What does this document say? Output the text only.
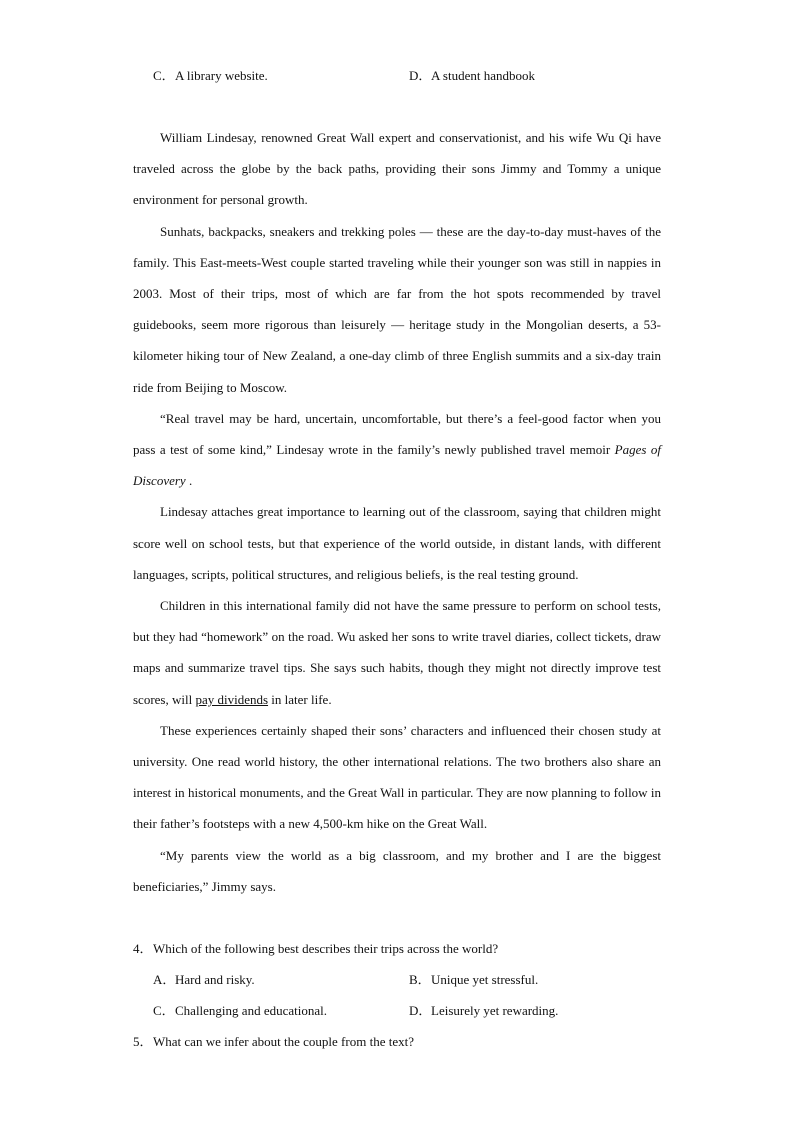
C．A library website.	D．A student handbook

William Lindesay, renowned Great Wall expert and conservationist, and his wife Wu Qi have traveled across the globe by the back paths, providing their sons Jimmy and Tommy a unique environment for personal growth.

Sunhats, backpacks, sneakers and trekking poles — these are the day-to-day must-haves of the family. This East-meets-West couple started traveling while their younger son was still in nappies in 2003. Most of their trips, most of which are far from the hot spots recommended by travel guidebooks, seem more rigorous than leisurely — heritage study in the Mongolian deserts, a 53-kilometer hiking tour of New Zealand, a one-day climb of three English summits and a six-day train ride from Beijing to Moscow.

“Real travel may be hard, uncertain, uncomfortable, but there’s a feel-good factor when you pass a test of some kind,” Lindesay wrote in the family’s newly published travel memoir Pages of Discovery .

Lindesay attaches great importance to learning out of the classroom, saying that children might score well on school tests, but that experience of the world outside, in distant lands, with different languages, scripts, political structures, and religious beliefs, is the real testing ground.

Children in this international family did not have the same pressure to perform on school tests, but they had “homework” on the road. Wu asked her sons to write travel diaries, collect tickets, draw maps and summarize travel tips. She says such habits, though they might not directly improve test scores, will pay dividends in later life.

These experiences certainly shaped their sons’ characters and influenced their chosen study at university. One read world history, the other international relations. The two brothers also share an interest in historical monuments, and the Great Wall in particular. They are now planning to follow in their father’s footsteps with a new 4,500-km hike on the Great Wall.

“My parents view the world as a big classroom, and my brother and I are the biggest beneficiaries,” Jimmy says.

4．Which of the following best describes their trips across the world?
A．Hard and risky.	B．Unique yet stressful.
C．Challenging and educational.	D．Leisurely yet rewarding.
5．What can we infer about the couple from the text?
